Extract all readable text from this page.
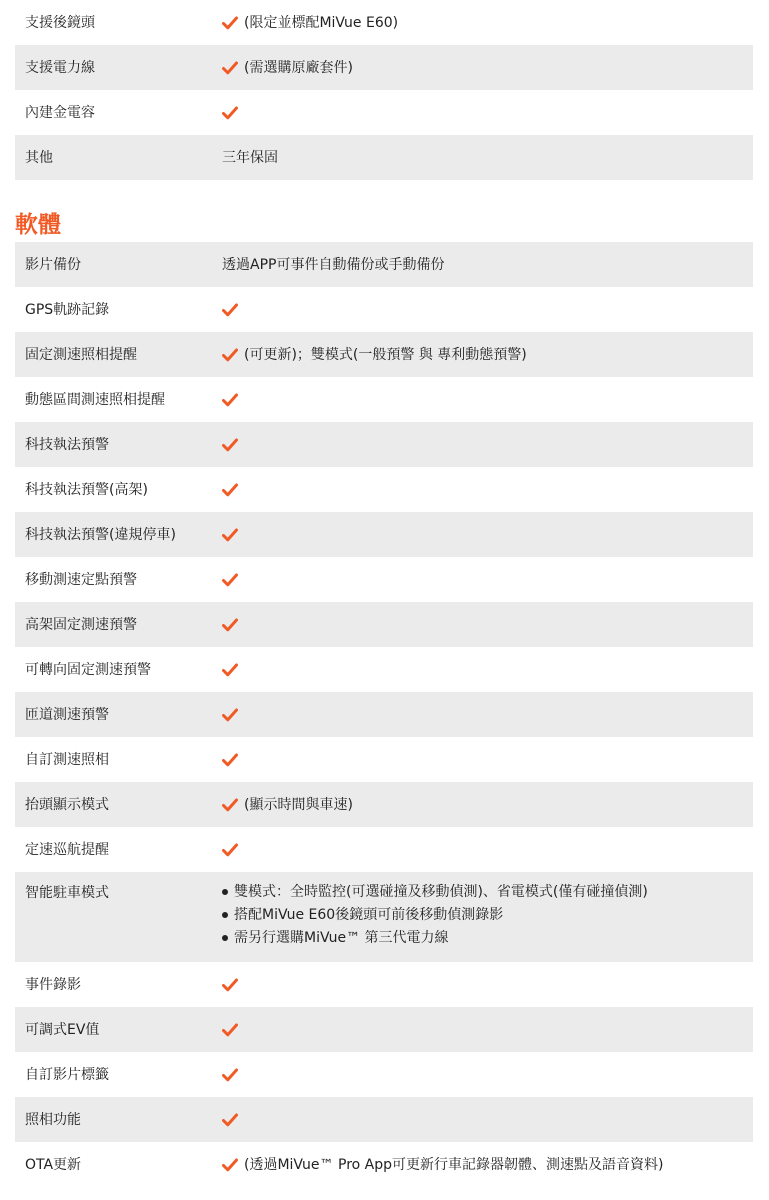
支援後鏡頭	(限定並標配MiVue E60)
支援電力線	(需選購原廠套件)
內建金電容
其他	三年保固
軟體
影片備份	透過APP可事件自動備份或手動備份
GPS軌跡記錄
固定測速照相提醒	(可更新)；雙模式(一般預警 與 專利動態預警)
動態區間測速照相提醒
科技執法預警
科技執法預警(高架)
科技執法預警(違規停車)
移動測速定點預警
高架固定測速預警
可轉向固定測速預警
匝道測速預警
自訂測速照相
抬頭顯示模式	(顯示時間與車速)
定速巡航提醒
智能駐車模式	雙模式：全時監控(可選碰撞及移動偵測)、省電模式(僅有碰撞偵測)
搭配MiVue E60後鏡頭可前後移動偵測錄影
需另行選購MiVue™ 第三代電力線
事件錄影
可調式EV值
自訂影片標籤
照相功能
OTA更新	(透過MiVue™ Pro App可更新行車記錄器韌體、測速點及語音資料)
